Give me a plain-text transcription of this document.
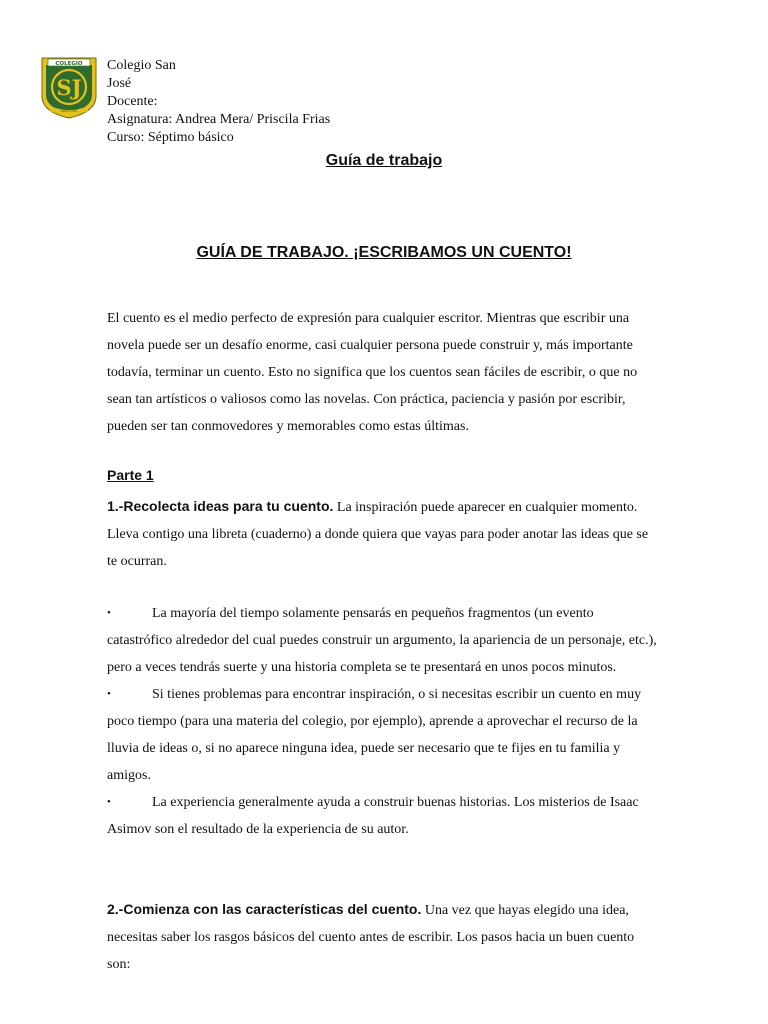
COLEGIO
SJ
SAN JOSÉ
Colegio San
José
Docente:
Asignatura: Andrea Mera/ Priscila Frias
Curso: Séptimo básico
Guía de trabajo
GUÍA DE TRABAJO. ¡ESCRIBAMOS UN CUENTO!
El cuento es el medio perfecto de expresión para cualquier escritor. Mientras que escribir una novela puede ser un desafío enorme, casi cualquier persona puede construir y, más importante todavía, terminar un cuento. Esto no significa que los cuentos sean fáciles de escribir, o que no sean tan artísticos o valiosos como las novelas. Con práctica, paciencia y pasión por escribir, pueden ser tan conmovedores y memorables como estas últimas.
Parte 1
1.-Recolecta ideas para tu cuento. La inspiración puede aparecer en cualquier momento. Lleva contigo una libreta (cuaderno) a donde quiera que vayas para poder anotar las ideas que se te ocurran.
•	La mayoría del tiempo solamente pensarás en pequeños fragmentos (un evento catastrófico alrededor del cual puedes construir un argumento, la apariencia de un personaje, etc.), pero a veces tendrás suerte y una historia completa se te presentará en unos pocos minutos.
•	Si tienes problemas para encontrar inspiración, o si necesitas escribir un cuento en muy poco tiempo (para una materia del colegio, por ejemplo), aprende a aprovechar el recurso de la lluvia de ideas o, si no aparece ninguna idea, puede ser necesario que te fijes en tu familia y amigos.
•	La experiencia generalmente ayuda a construir buenas historias. Los misterios de Isaac Asimov son el resultado de la experiencia de su autor.
2.-Comienza con las características del cuento. Una vez que hayas elegido una idea, necesitas saber los rasgos básicos del cuento antes de escribir. Los pasos hacia un buen cuento son:
